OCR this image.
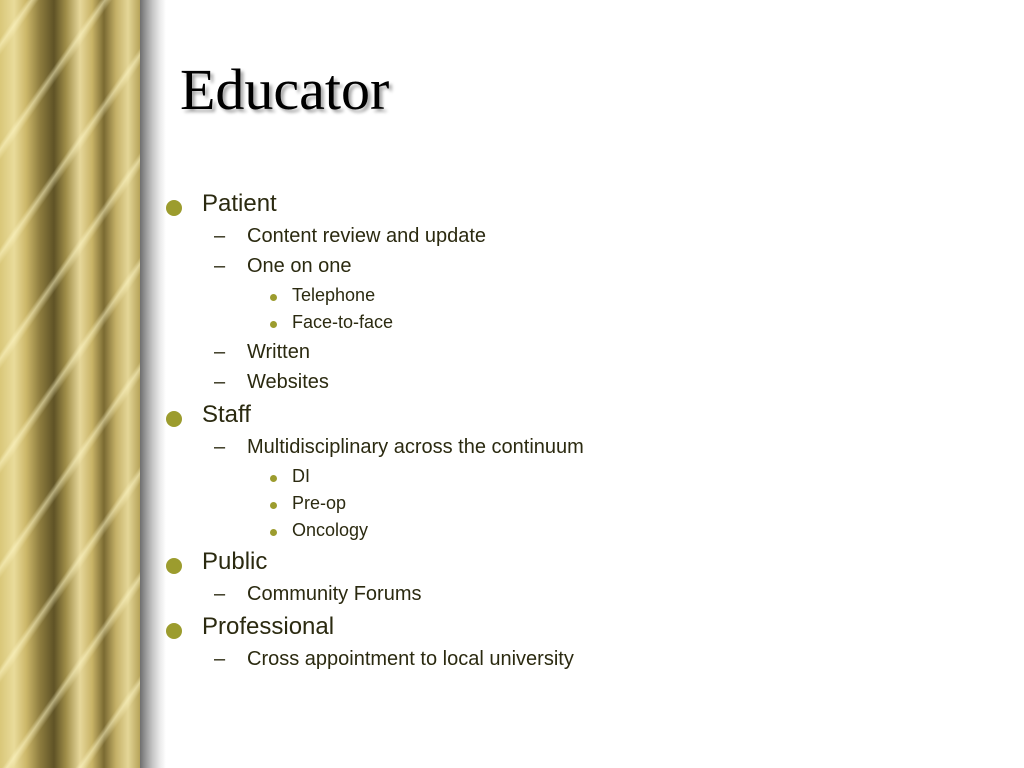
Educator
Patient
– Content review and update
– One on one
Telephone
Face-to-face
– Written
– Websites
Staff
– Multidisciplinary across the continuum
DI
Pre-op
Oncology
Public
– Community Forums
Professional
– Cross appointment to local university
